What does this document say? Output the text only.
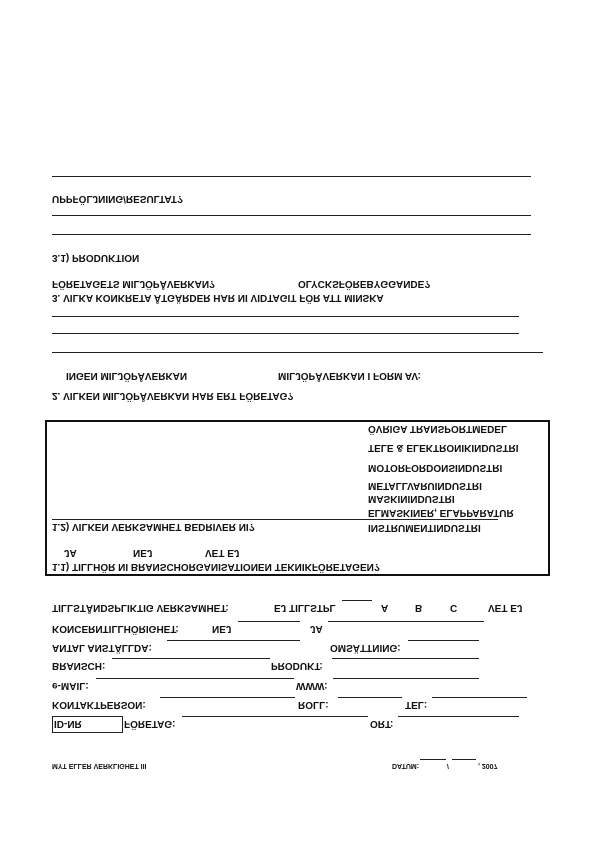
MYT ELLER VERKLIGHET III	DATUM:	/	, 2007
ID-NR	FÖRETAG:	ORT:
KONTAKTPERSON:	ROLL:	TEL:
e-MAIL:	WWW:
BRANSCH:	PRODUKT:
ANTAL ANSTÄLLDA:	OMSÄTTNING:
KONCERNTILLHÖRIGHET:	NEJ	JA
TILLSTÅNDSPLIKTIG VERKSAMHET:	EJ TILLSTPL	A	B	C	VET EJ
1.1) TILLHÖR NI BRANSCHORGANISATIONEN TEKNIKFÖRETAGEN?
JA	NEJ	VET EJ
1.2) VILKEN VERKSAMHET BEDRIVER NI?	INSTRUMENTINDUSTRI
ELMASKINER, ELAPPARATUR
MASKININDUSTRI
METALLVARUINDUSTRI
MOTORFORDONSINDUSTRI
TELE & ELEKTRONIKINDUSTRI
ÖVRIGA TRANSPORTMEDEL
2. VILKEN MILJÖPÅVERKAN HAR ERT FÖRETAG?
INGEN MILJÖPÅVERKAN	MILJÖPÅVERKAN I FORM AV:
3. VILKA KONKRETA ÅTGÄRDER HAR NI VIDTAGIT FÖR ATT MINSKA
FÖRETAGETS MILJÖPÅVERKAN?	OLYCKSFÖREBYGGANDE?
3.1) PRODUKTION
UPPFÖLJNING/RESULTAT?
